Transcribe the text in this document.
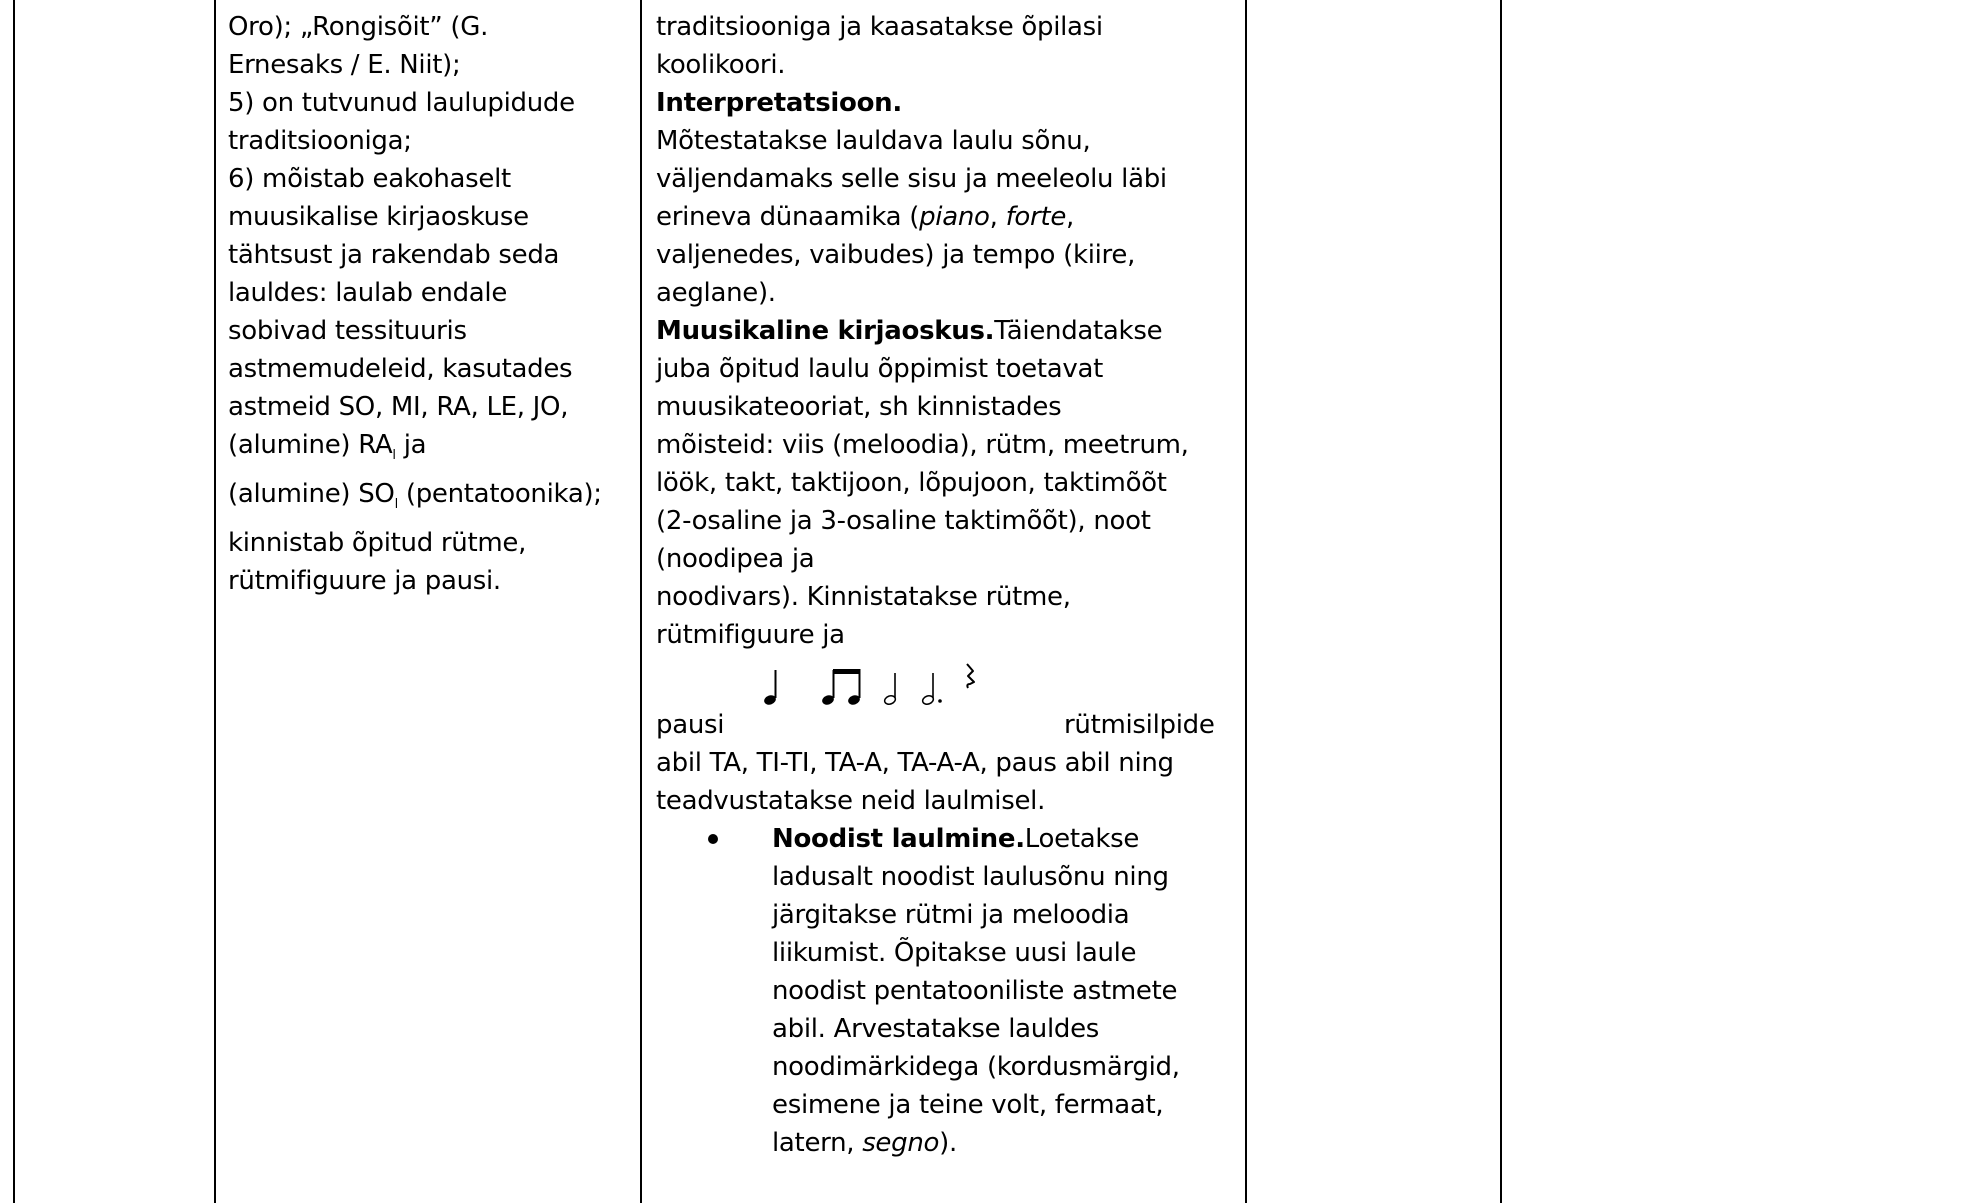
Oro); „Rongisõit” (G.
Ernesaks / E. Niit);
5) on tutvunud laulupidude
traditsiooniga;
6) mõistab eakohaselt
muusikalise kirjaoskuse
tähtsust ja rakendab seda
lauldes: laulab endale
sobivad tessituuris
astmemudeleid, kasutades
astmeid SO, MI, RA, LE, JO,
(alumine) $RA_l$ ja
(alumine) $SO_l$ (pentatoonika);
kinnistab õpitud rütme,
rütmifiguure ja pausi.
traditsiooniga ja kaasatakse õpilasi
koolikoori.
Interpretatsioon.
Mõtestatakse lauldava laulu sõnu,
väljendamaks selle sisu ja meeleolu läbi
erineva dünaamika (piano, forte,
valjenedes, vaibudes) ja tempo (kiire,
aeglane).
Muusikaline kirjaoskus.Täiendatakse
juba õpitud laulu õppimist toetavat
muusikateooriat, sh kinnistades
mõisteid: viis (meloodia), rütm, meetrum,
löök, takt, taktijoon, lõpujoon, taktimõõt
(2-osaline ja 3-osaline taktimõõt), noot
(noodipea ja
noodivars). Kinnistatakse rütme,
rütmifiguure ja
pausi	rütmisilpide
abil TA, TI-TI, TA-A, TA-A-A, paus abil ning
teadvustatakse neid laulmisel.
Noodist laulmine.Loetakse
ladusalt noodist laulusõnu ning
järgitakse rütmi ja meloodia
liikumist. Õpitakse uusi laule
noodist pentatooniliste astmete
abil. Arvestatakse lauldes
noodimärkidega (kordusmärgid,
esimene ja teine volt, fermaat,
latern, segno).
